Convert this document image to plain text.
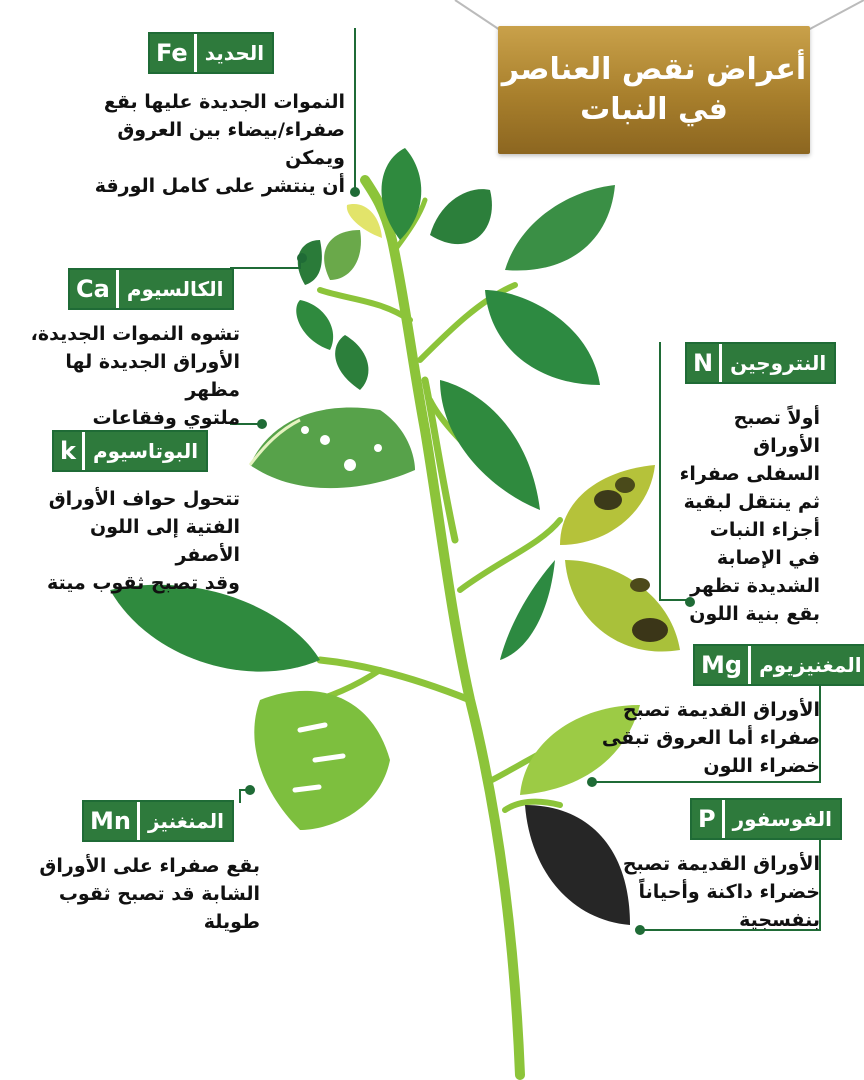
أعراض نقص العناصر
في النبات
Fe الحديد
النموات الجديدة عليها بقع
صفراء/بيضاء بين العروق ويمكن
أن ينتشر على كامل الورقة
Ca الكالسيوم
تشوه النموات الجديدة،
الأوراق الجديدة لها مظهر
ملتوي وفقاعات
k البوتاسيوم
تتحول حواف الأوراق
الفتية إلى اللون الأصفر
وقد تصبح ثقوب ميتة
Mn المنغنيز
بقع صفراء على الأوراق
الشابة قد تصبح ثقوب
طويلة
N النتروجين
أولاً تصبح الأوراق
السفلى صفراء
ثم ينتقل لبقية
أجزاء النبات
في الإصابة
الشديدة تظهر
بقع بنية اللون
Mg المغنيزيوم
الأوراق القديمة تصبح
صفراء أما العروق تبقى
خضراء اللون
P الفوسفور
الأوراق القديمة تصبح
خضراء داكنة وأحياناً
بنفسجية
